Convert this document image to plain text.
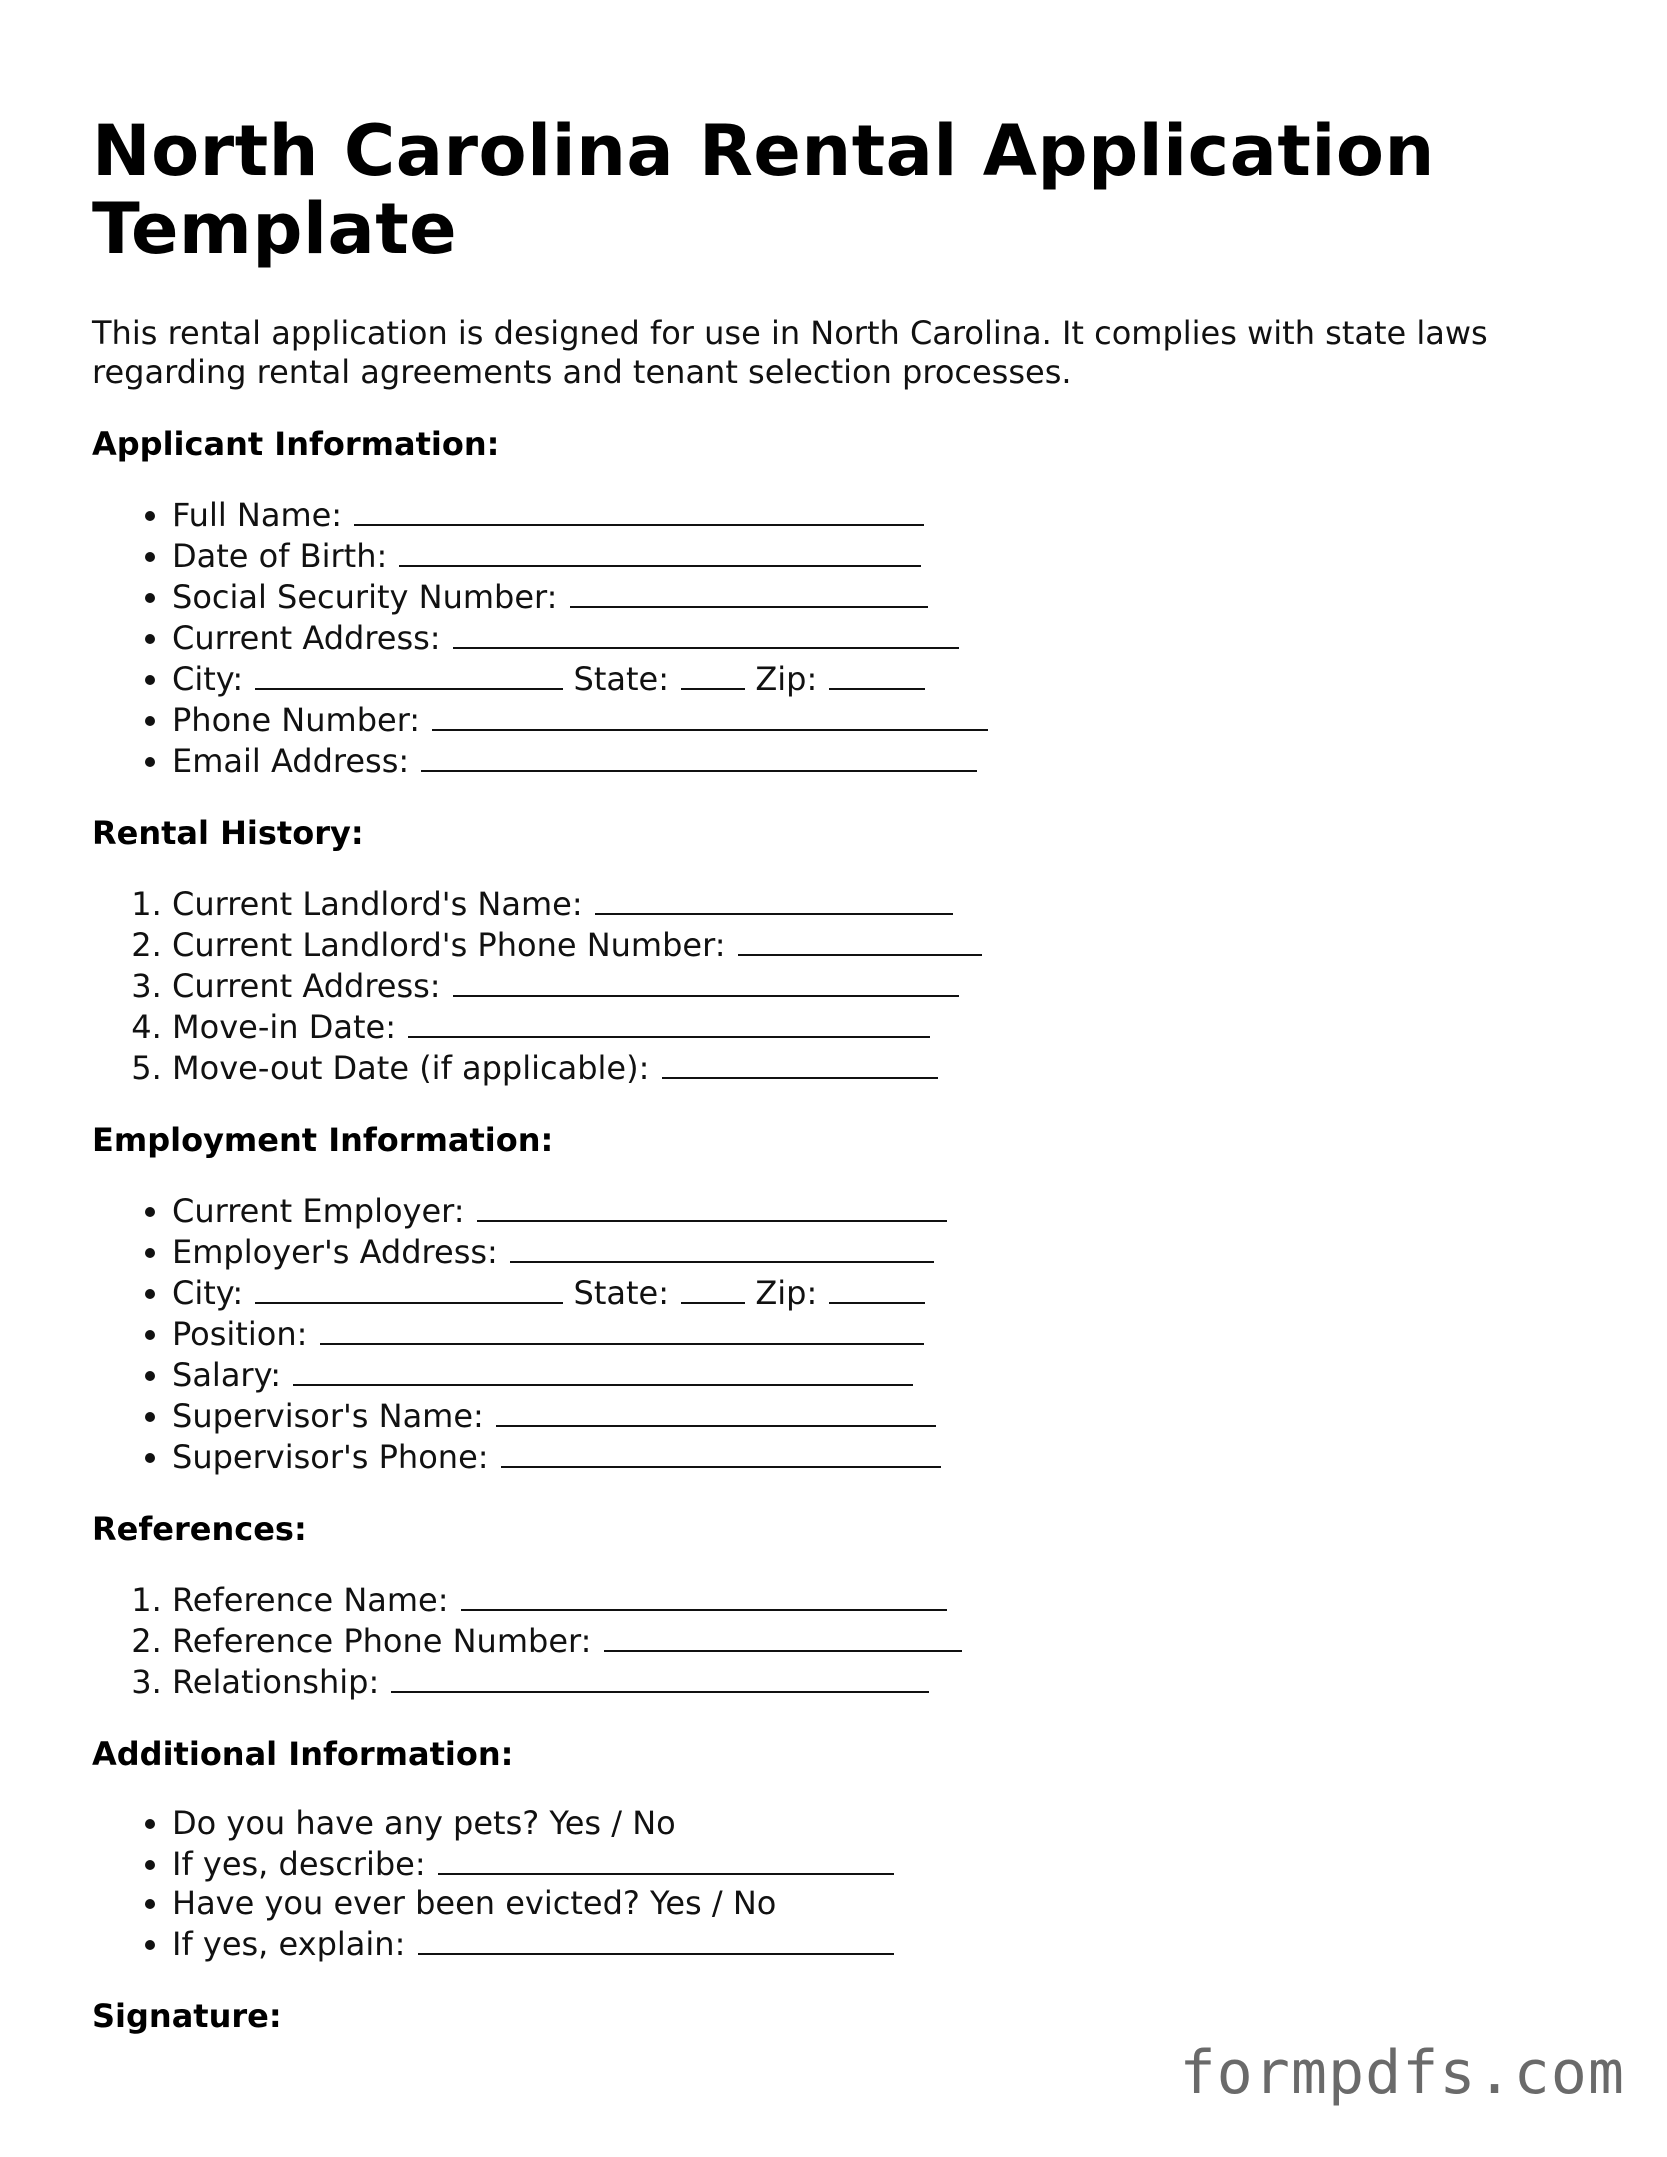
North Carolina Rental Application Template

This rental application is designed for use in North Carolina. It complies with state laws regarding rental agreements and tenant selection processes.

Applicant Information:
• Full Name:
• Date of Birth:
• Social Security Number:
• Current Address:
• City:	State:	Zip:
• Phone Number:
• Email Address:
Rental History:
1. Current Landlord's Name:
2. Current Landlord's Phone Number:
3. Current Address:
4. Move-in Date:
5. Move-out Date (if applicable):
Employment Information:
• Current Employer:
• Employer's Address:
• City:	State:	Zip:
• Position:
• Salary:
• Supervisor's Name:
• Supervisor's Phone:
References:
1. Reference Name:
2. Reference Phone Number:
3. Relationship:
Additional Information:
• Do you have any pets? Yes / No
• If yes, describe:
• Have you ever been evicted? Yes / No
• If yes, explain:
Signature:
formpdfs.com
